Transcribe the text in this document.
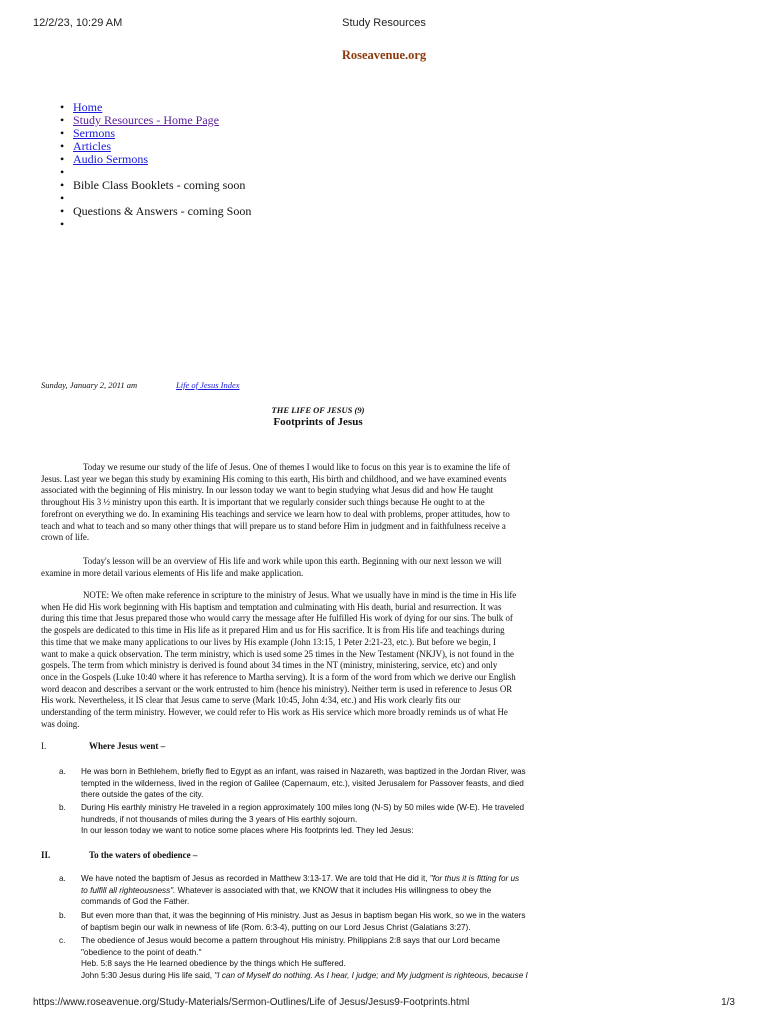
12/2/23, 10:29 AM	Study Resources
Roseavenue.org
• Home
• Study Resources - Home Page
• Sermons
• Articles
• Audio Sermons
•
• Bible Class Booklets - coming soon
•
• Questions & Answers - coming Soon
•
Sunday, January 2, 2011 am	Life of Jesus Index
THE LIFE OF JESUS (9)
Footprints of Jesus

Today we resume our study of the life of Jesus. One of themes I would like to focus on this year is to examine the life of
Jesus. Last year we began this study by examining His coming to this earth, His birth and childhood, and we have examined events
associated with the beginning of His ministry. In our lesson today we want to begin studying what Jesus did and how He taught
throughout His 3 ½ ministry upon this earth. It is important that we regularly consider such things because He ought to at the
forefront on everything we do. In examining His teachings and service we learn how to deal with problems, proper attitudes, how to
teach and what to teach and so many other things that will prepare us to stand before Him in judgment and in faithfulness receive a
crown of life.

Today's lesson will be an overview of His life and work while upon this earth. Beginning with our next lesson we will
examine in more detail various elements of His life and make application.

NOTE: We often make reference in scripture to the ministry of Jesus. What we usually have in mind is the time in His life
when He did His work beginning with His baptism and temptation and culminating with His death, burial and resurrection. It was
during this time that Jesus prepared those who would carry the message after He fulfilled His work of dying for our sins. The bulk of
the gospels are dedicated to this time in His life as it prepared Him and us for His sacrifice. It is from His life and teachings during
this time that we make many applications to our lives by His example (John 13:15, 1 Peter 2:21-23, etc.). But before we begin, I
want to make a quick observation. The term ministry, which is used some 25 times in the New Testament (NKJV), is not found in the
gospels. The term from which ministry is derived is found about 34 times in the NT (ministry, ministering, service, etc) and only
once in the Gospels (Luke 10:40 where it has reference to Martha serving). It is a form of the word from which we derive our English
word deacon and describes a servant or the work entrusted to him (hence his ministry). Neither term is used in reference to Jesus OR
His work. Nevertheless, it IS clear that Jesus came to serve (Mark 10:45, John 4:34, etc.) and His work clearly fits our
understanding of the term ministry. However, we could refer to His work as His service which more broadly reminds us of what He
was doing.

I.	Where Jesus went –
a. He was born in Bethlehem, briefly fled to Egypt as an infant, was raised in Nazareth, was baptized in the Jordan River, was
tempted in the wilderness, lived in the region of Galilee (Capernaum, etc.), visited Jerusalem for Passover feasts, and died
there outside the gates of the city.
b. During His earthly ministry He traveled in a region approximately 100 miles long (N-S) by 50 miles wide (W-E). He traveled
hundreds, if not thousands of miles during the 3 years of His earthly sojourn.
In our lesson today we want to notice some places where His footprints led. They led Jesus:
II.	To the waters of obedience –
a. We have noted the baptism of Jesus as recorded in Matthew 3:13-17. We are told that He did it, "for thus it is fitting for us
to fulfill all righteousness". Whatever is associated with that, we KNOW that it includes His willingness to obey the
commands of God the Father.
b. But even more than that, it was the beginning of His ministry. Just as Jesus in baptism began His work, so we in the waters
of baptism begin our walk in newness of life (Rom. 6:3-4), putting on our Lord Jesus Christ (Galatians 3:27).
c. The obedience of Jesus would become a pattern throughout His ministry. Philippians 2:8 says that our Lord became
"obedience to the point of death."
Heb. 5:8 says the He learned obedience by the things which He suffered.
John 5:30 Jesus during His life said, "I can of Myself do nothing. As I hear, I judge; and My judgment is righteous, because I
https://www.roseavenue.org/Study-Materials/Sermon-Outlines/Life of Jesus/Jesus9-Footprints.html	1/3
